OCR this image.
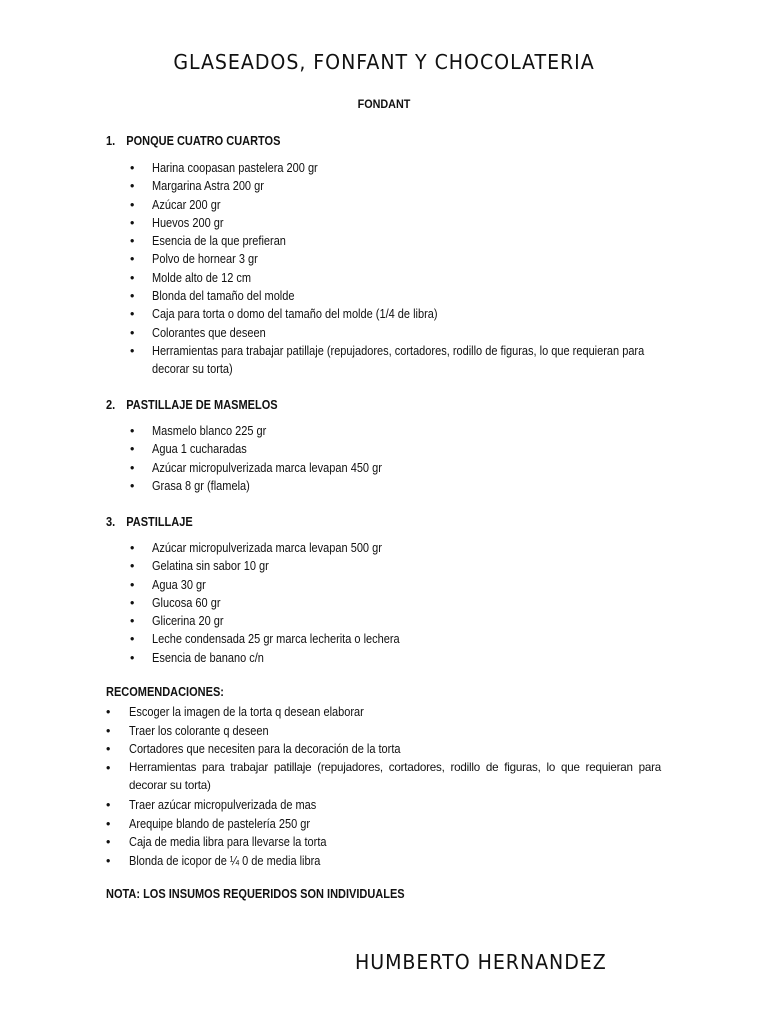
GLASEADOS, FONFANT Y CHOCOLATERIA
FONDANT
1. PONQUE CUATRO CUARTOS
• Harina coopasan pastelera 200 gr
• Margarina Astra 200 gr
• Azúcar 200 gr
• Huevos 200 gr
• Esencia de la que prefieran
• Polvo de hornear 3 gr
• Molde alto de 12 cm
• Blonda del tamaño del molde
• Caja para torta o domo del tamaño del molde (1/4 de libra)
• Colorantes que deseen
• Herramientas para trabajar patillaje (repujadores, cortadores, rodillo de figuras, lo que requieran para decorar su torta)
2. PASTILLAJE DE MASMELOS
• Masmelo blanco 225 gr
• Agua 1 cucharadas
• Azúcar micropulverizada marca levapan 450 gr
• Grasa 8 gr (flamela)
3. PASTILLAJE
• Azúcar micropulverizada marca levapan 500 gr
• Gelatina sin sabor 10 gr
• Agua 30 gr
• Glucosa 60 gr
• Glicerina 20 gr
• Leche condensada 25 gr marca lecherita o lechera
• Esencia de banano c/n
RECOMENDACIONES:
• Escoger la imagen de la torta q desean elaborar
• Traer los colorante q deseen
• Cortadores que necesiten para la decoración de la torta
• Herramientas para trabajar patillaje (repujadores, cortadores, rodillo de figuras, lo que requieran para decorar su torta)
• Traer azúcar micropulverizada de mas
• Arequipe blando de pastelería 250 gr
• Caja de media libra para llevarse la torta
• Blonda de icopor de ¼ 0 de media libra
NOTA: LOS INSUMOS REQUERIDOS SON INDIVIDUALES
HUMBERTO HERNANDEZ
